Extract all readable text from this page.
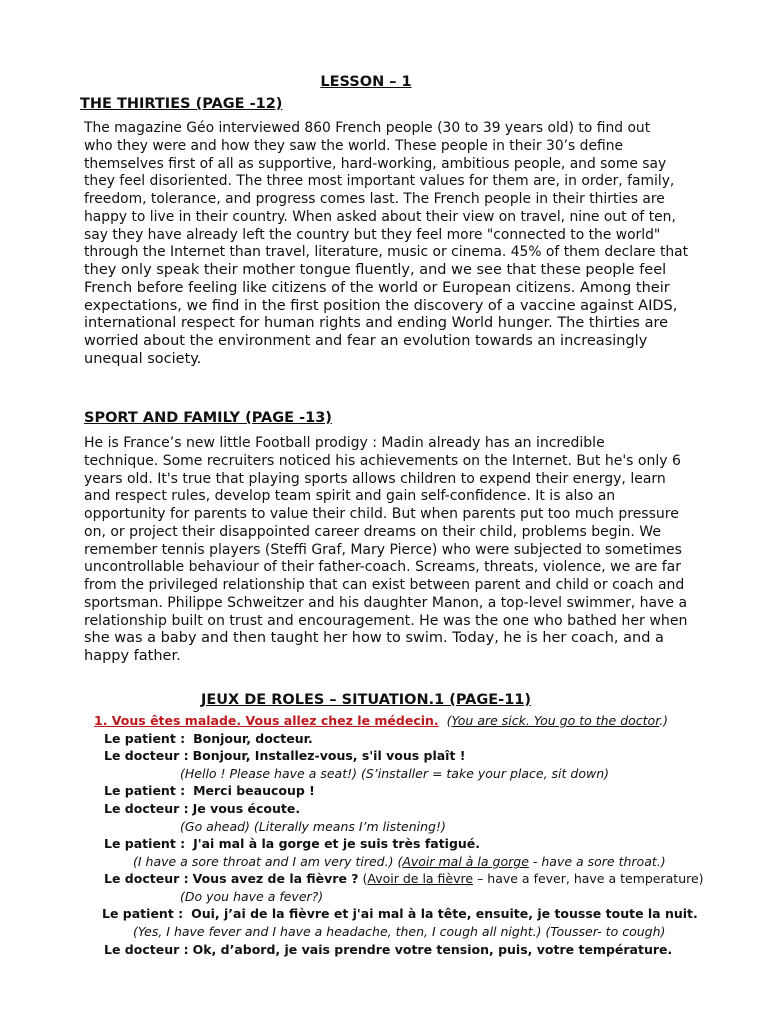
LESSON – 1
THE THIRTIES (PAGE -12)
The magazine Géo interviewed 860 French people (30 to 39 years old) to find out
who they were and how they saw the world. These people in their 30’s define
themselves first of all as supportive, hard-working, ambitious people, and some say
they feel disoriented. The three most important values for them are, in order, family,
freedom, tolerance, and progress comes last. The French people in their thirties are
happy to live in their country. When asked about their view on travel, nine out of ten,
say they have already left the country but they feel more "connected to the world"
through the Internet than travel, literature, music or cinema. 45% of them declare that
they only speak their mother tongue fluently, and we see that these people feel
French before feeling like citizens of the world or European citizens. Among their
expectations, we find in the first position the discovery of a vaccine against AIDS,
international respect for human rights and ending World hunger. The thirties are
worried about the environment and fear an evolution towards an increasingly
unequal society.
SPORT AND FAMILY (PAGE -13)
He is France’s new little Football prodigy : Madin already has an incredible
technique. Some recruiters noticed his achievements on the Internet. But he's only 6
years old. It's true that playing sports allows children to expend their energy, learn
and respect rules, develop team spirit and gain self-confidence. It is also an
opportunity for parents to value their child. But when parents put too much pressure
on, or project their disappointed career dreams on their child, problems begin. We
remember tennis players (Steffi Graf, Mary Pierce) who were subjected to sometimes
uncontrollable behaviour of their father-coach. Screams, threats, violence, we are far
from the privileged relationship that can exist between parent and child or coach and
sportsman. Philippe Schweitzer and his daughter Manon, a top-level swimmer, have a
relationship built on trust and encouragement. He was the one who bathed her when
she was a baby and then taught her how to swim. Today, he is her coach, and a
happy father.
JEUX DE ROLES – SITUATION.1 (PAGE-11)
1. Vous êtes malade. Vous allez chez le médecin. (You are sick. You go to the doctor.)
Le patient : Bonjour, docteur.
Le docteur : Bonjour, Installez-vous, s'il vous plaît !
(Hello ! Please have a seat!) (S’installer = take your place, sit down)
Le patient : Merci beaucoup !
Le docteur : Je vous écoute.
(Go ahead) (Literally means I’m listening!)
Le patient : J'ai mal à la gorge et je suis très fatigué.
(I have a sore throat and I am very tired.) (Avoir mal à la gorge - have a sore throat.)
Le docteur : Vous avez de la fièvre ? (Avoir de la fièvre – have a fever, have a temperature)
(Do you have a fever?)
Le patient : Oui, j’ai de la fièvre et j'ai mal à la tête, ensuite, je tousse toute la nuit.
(Yes, I have fever and I have a headache, then, I cough all night.) (Tousser- to cough)
Le docteur : Ok, d’abord, je vais prendre votre tension, puis, votre température.
